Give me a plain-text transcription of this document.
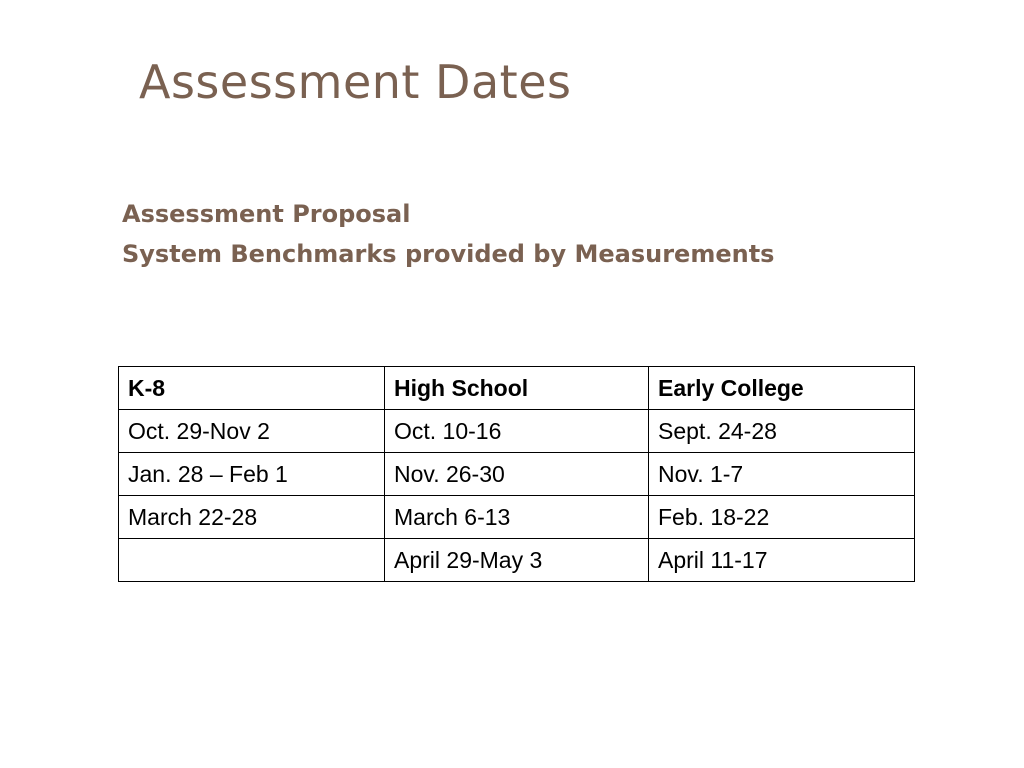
Assessment Dates
Assessment Proposal
System Benchmarks provided by Measurements
K-8	High School	Early College
Oct. 29-Nov 2	Oct. 10-16	Sept. 24-28
Jan. 28 – Feb 1	Nov. 26-30	Nov. 1-7
March 22-28	March 6-13	Feb. 18-22
	April 29-May 3	April 11-17
